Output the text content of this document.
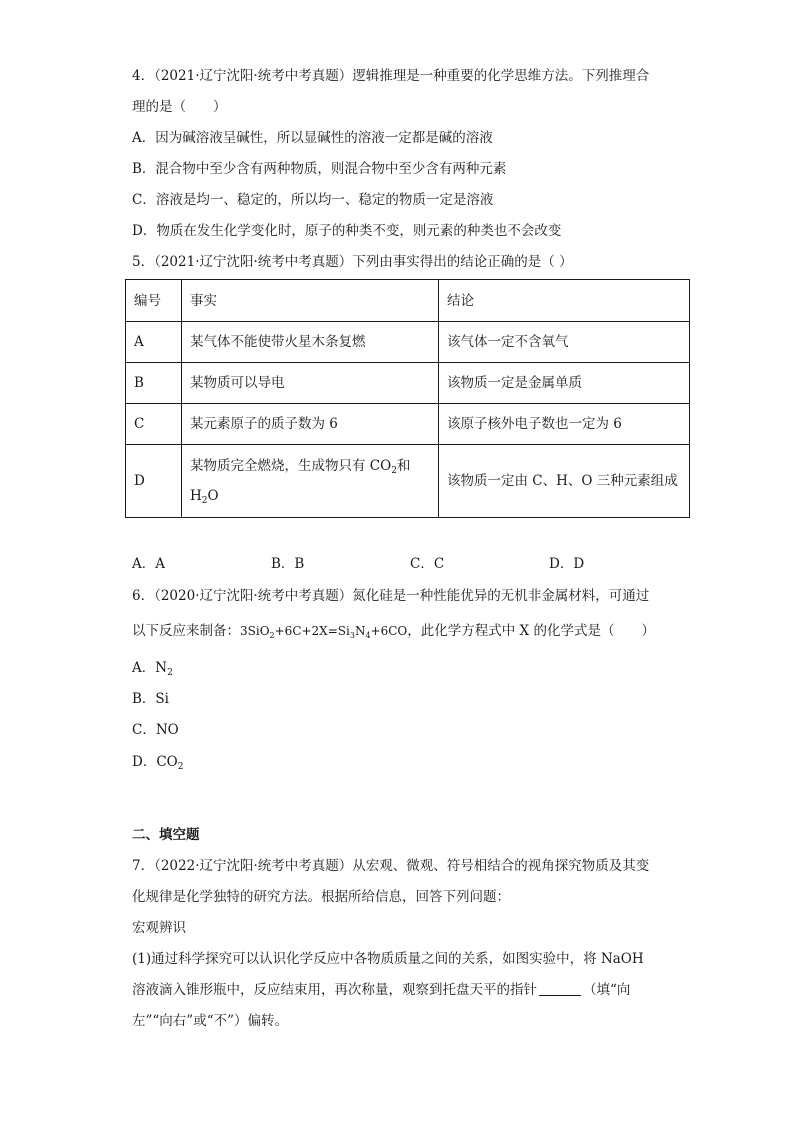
4．（2021·辽宁沈阳·统考中考真题）逻辑推理是一种重要的化学思维方法。下列推理合
理的是（　　）
A．因为碱溶液呈碱性，所以显碱性的溶液一定都是碱的溶液
B．混合物中至少含有两种物质，则混合物中至少含有两种元素
C．溶液是均一、稳定的，所以均一、稳定的物质一定是溶液
D．物质在发生化学变化时，原子的种类不变，则元素的种类也不会改变
5．（2021·辽宁沈阳·统考中考真题）下列由事实得出的结论正确的是（ ）
编号	事实	结论
A	某气体不能使带火星木条复燃	该气体一定不含氧气
B	某物质可以导电	该物质一定是金属单质
C	某元素原子的质子数为 6	该原子核外电子数也一定为 6
D	某物质完全燃烧，生成物只有 $CO_2$和
$H_2O$	该物质一定由 C、H、O 三种元素组成
A．A	B．B	C．C	D．D
6．（2020·辽宁沈阳·统考中考真题）氮化硅是一种性能优异的无机非金属材料，可通过
以下反应来制备：$3SiO_2+6C+2X=Si_3N_4+6CO$，此化学方程式中 X 的化学式是（　　）
A．$N_2$
B．Si
C．NO
D．$CO_2$
二、填空题
7．（2022·辽宁沈阳·统考中考真题）从宏观、微观、符号相结合的视角探究物质及其变
化规律是化学独特的研究方法。根据所给信息，回答下列问题：
宏观辨识
(1)通过科学探究可以认识化学反应中各物质质量之间的关系，如图实验中，将 NaOH
溶液滴入锥形瓶中，反应结束用，再次称量，观察到托盘天平的指针	（填“向
左”“向右”或“不”）偏转。
